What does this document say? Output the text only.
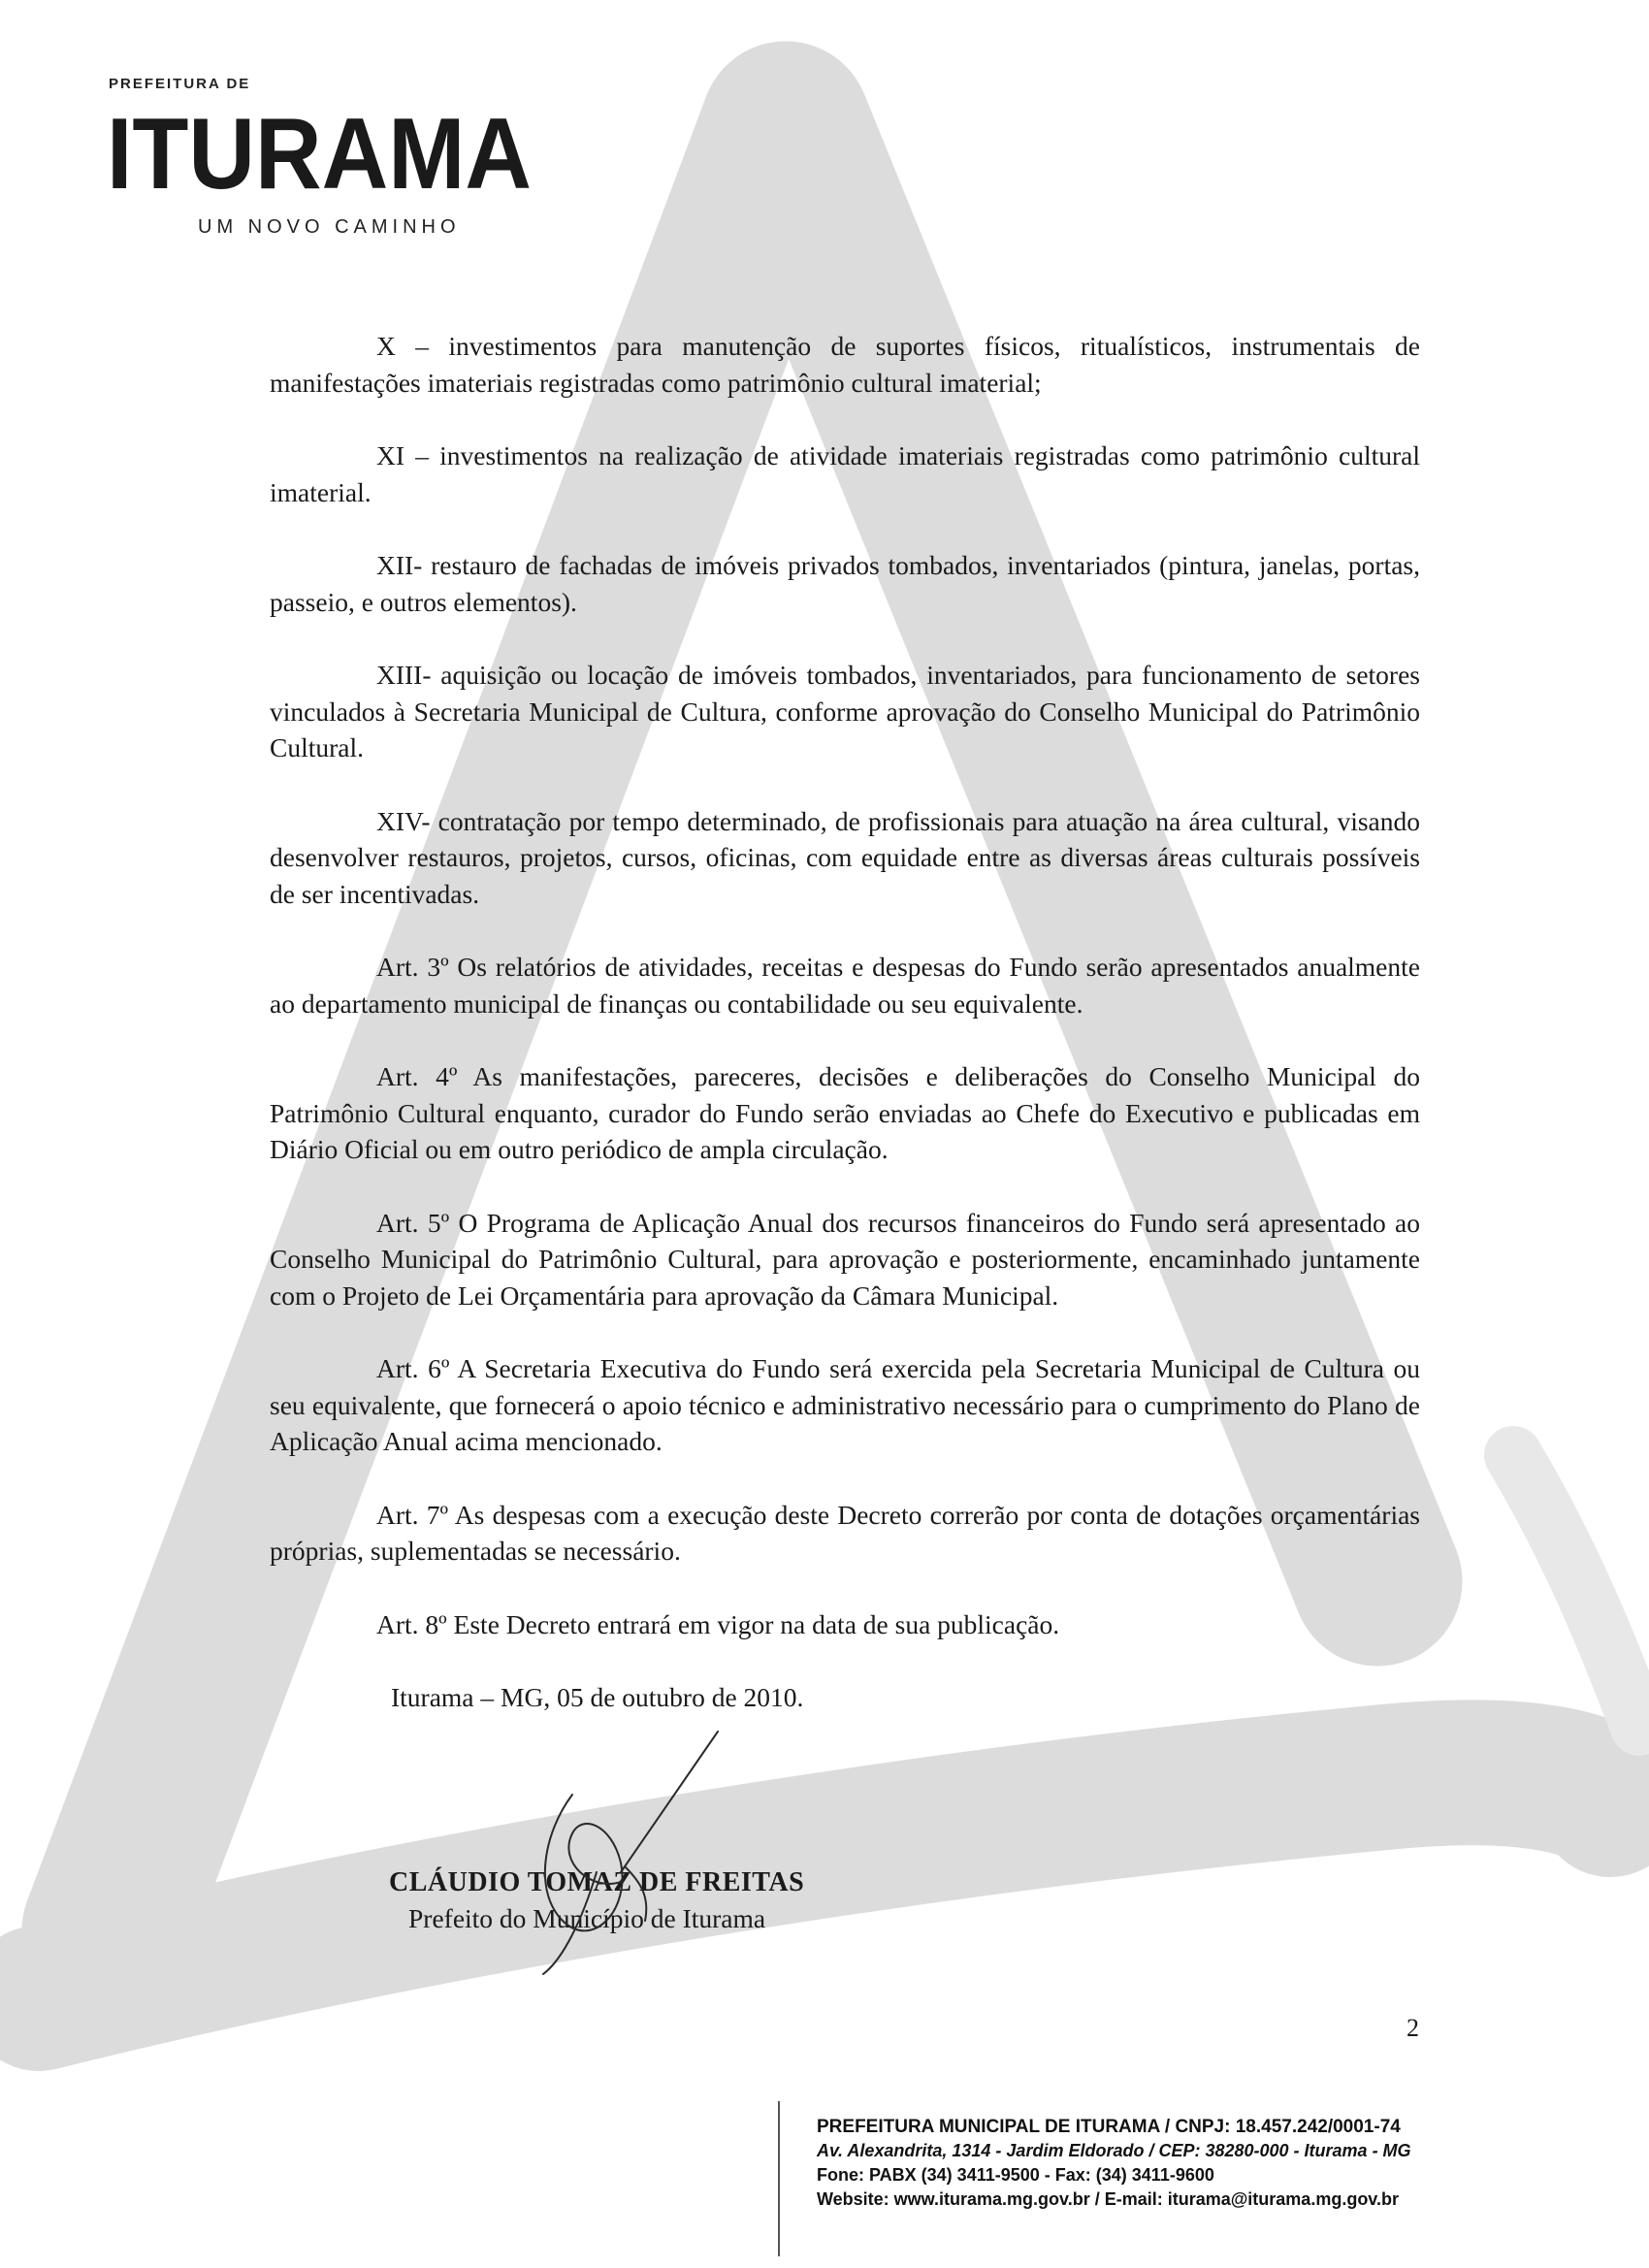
PREFEITURA DE
ITURAMA
UM NOVO CAMINHO

X – investimentos para manutenção de suportes físicos, ritualísticos, instrumentais de manifestações imateriais registradas como patrimônio cultural imaterial;

XI – investimentos na realização de atividade imateriais registradas como patrimônio cultural imaterial.

XII- restauro de fachadas de imóveis privados tombados, inventariados (pintura, janelas, portas, passeio, e outros elementos).

XIII- aquisição ou locação de imóveis tombados, inventariados, para funcionamento de setores vinculados à Secretaria Municipal de Cultura, conforme aprovação do Conselho Municipal do Patrimônio Cultural.

XIV- contratação por tempo determinado, de profissionais para atuação na área cultural, visando desenvolver restauros, projetos, cursos, oficinas, com equidade entre as diversas áreas culturais possíveis de ser incentivadas.

Art. 3º Os relatórios de atividades, receitas e despesas do Fundo serão apresentados anualmente ao departamento municipal de finanças ou contabilidade ou seu equivalente.

Art. 4º As manifestações, pareceres, decisões e deliberações do Conselho Municipal do Patrimônio Cultural enquanto, curador do Fundo serão enviadas ao Chefe do Executivo e publicadas em Diário Oficial ou em outro periódico de ampla circulação.

Art. 5º O Programa de Aplicação Anual dos recursos financeiros do Fundo será apresentado ao Conselho Municipal do Patrimônio Cultural, para aprovação e posteriormente, encaminhado juntamente com o Projeto de Lei Orçamentária para aprovação da Câmara Municipal.

Art. 6º A Secretaria Executiva do Fundo será exercida pela Secretaria Municipal de Cultura ou seu equivalente, que fornecerá o apoio técnico e administrativo necessário para o cumprimento do Plano de Aplicação Anual acima mencionado.

Art. 7º As despesas com a execução deste Decreto correrão por conta de dotações orçamentárias próprias, suplementadas se necessário.

Art. 8º Este Decreto entrará em vigor na data de sua publicação.

Iturama – MG, 05 de outubro de 2010.

CLÁUDIO TOMAZ DE FREITAS
Prefeito do Município de Iturama
2
PREFEITURA MUNICIPAL DE ITURAMA / CNPJ: 18.457.242/0001-74
Av. Alexandrita, 1314 - Jardim Eldorado / CEP: 38280-000 - Iturama - MG
Fone: PABX (34) 3411-9500 - Fax: (34) 3411-9600
Website: www.iturama.mg.gov.br / E-mail: iturama@iturama.mg.gov.br
